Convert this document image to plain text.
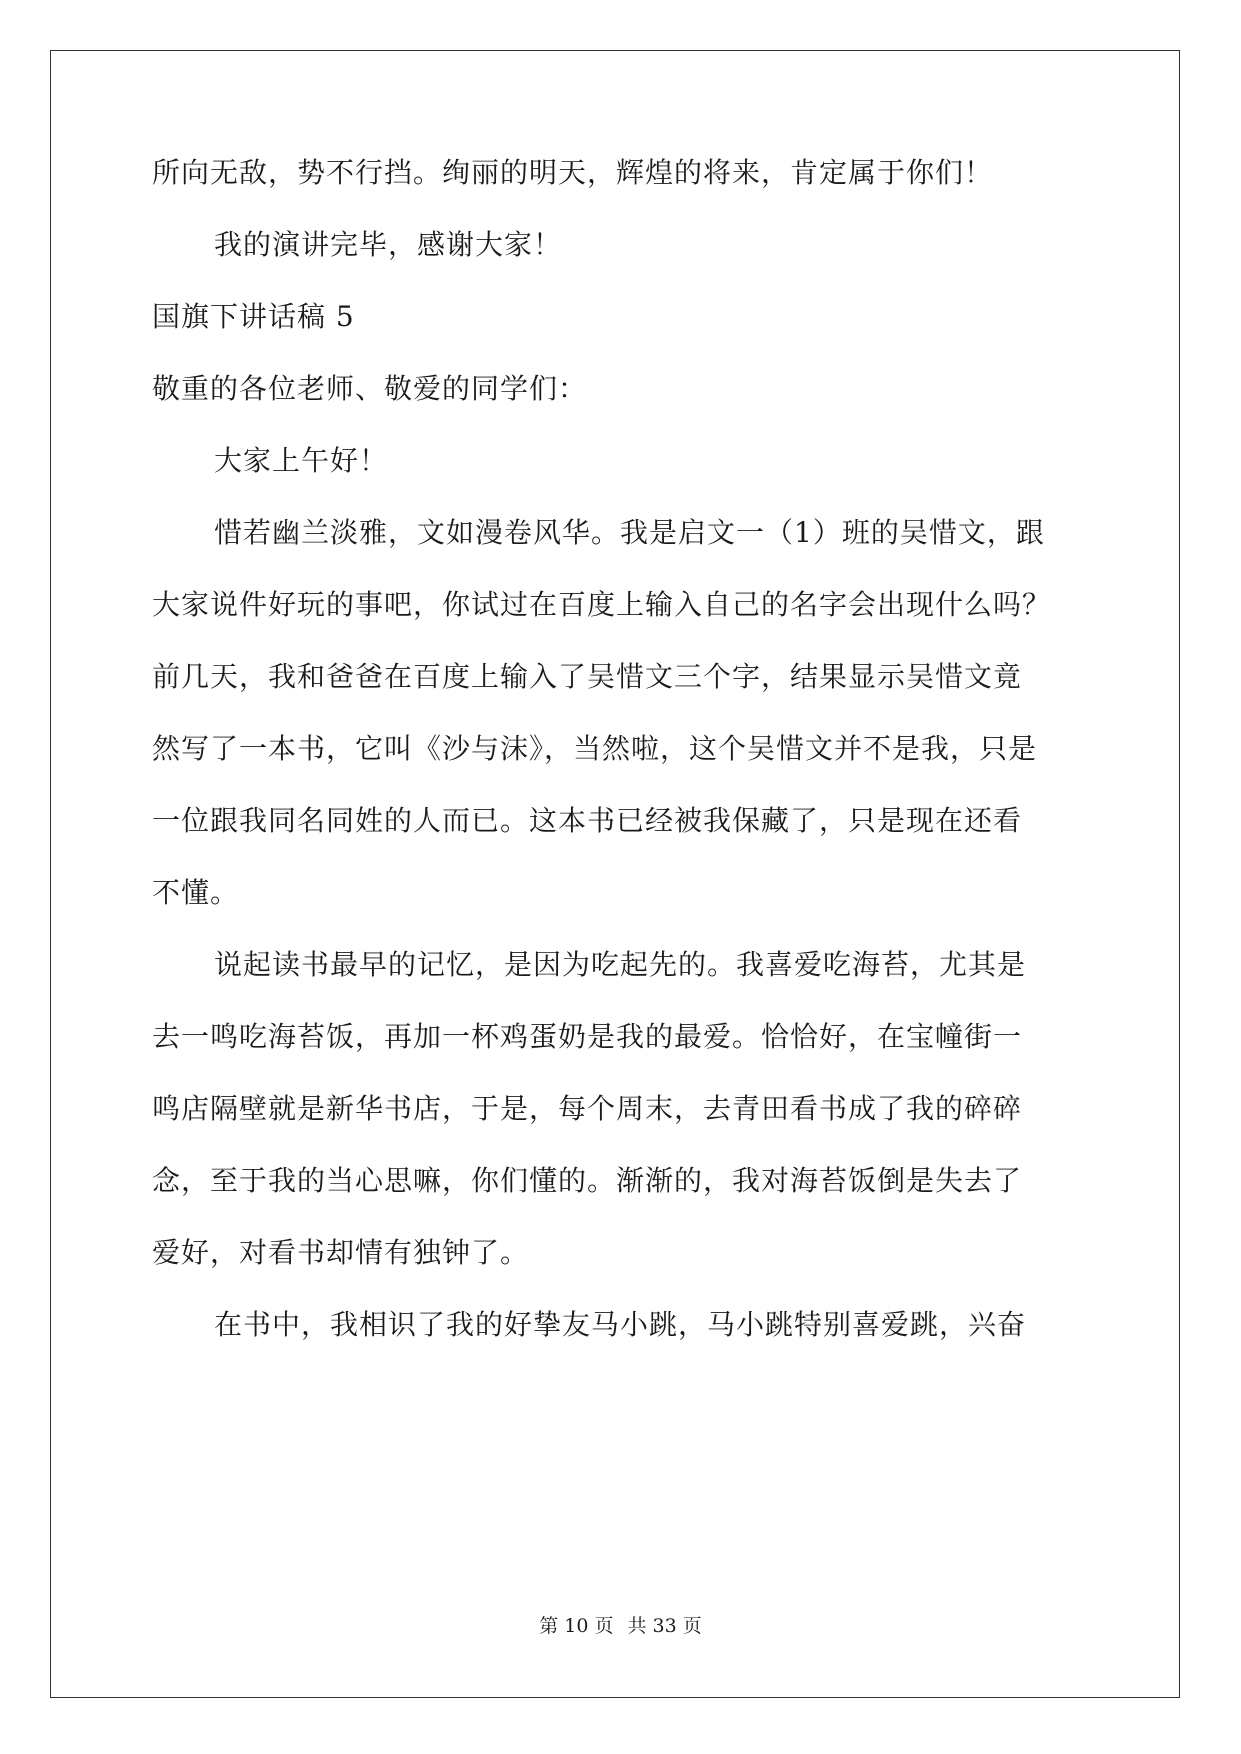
所向无敌，势不行挡。绚丽的明天，辉煌的将来，肯定属于你们！
我的演讲完毕，感谢大家！
国旗下讲话稿 5
敬重的各位老师、敬爱的同学们：
大家上午好！
惜若幽兰淡雅，文如漫卷风华。我是启文一（1）班的吴惜文，跟
大家说件好玩的事吧，你试过在百度上输入自己的名字会出现什么吗？
前几天，我和爸爸在百度上输入了吴惜文三个字，结果显示吴惜文竟
然写了一本书，它叫《沙与沫》，当然啦，这个吴惜文并不是我，只是
一位跟我同名同姓的人而已。这本书已经被我保藏了，只是现在还看
不懂。
说起读书最早的记忆，是因为吃起先的。我喜爱吃海苔，尤其是
去一鸣吃海苔饭，再加一杯鸡蛋奶是我的最爱。恰恰好，在宝幢街一
鸣店隔壁就是新华书店，于是，每个周末，去青田看书成了我的碎碎
念，至于我的当心思嘛，你们懂的。渐渐的，我对海苔饭倒是失去了
爱好，对看书却情有独钟了。
在书中，我相识了我的好挚友马小跳，马小跳特别喜爱跳，兴奋
第 10 页 共 33 页
